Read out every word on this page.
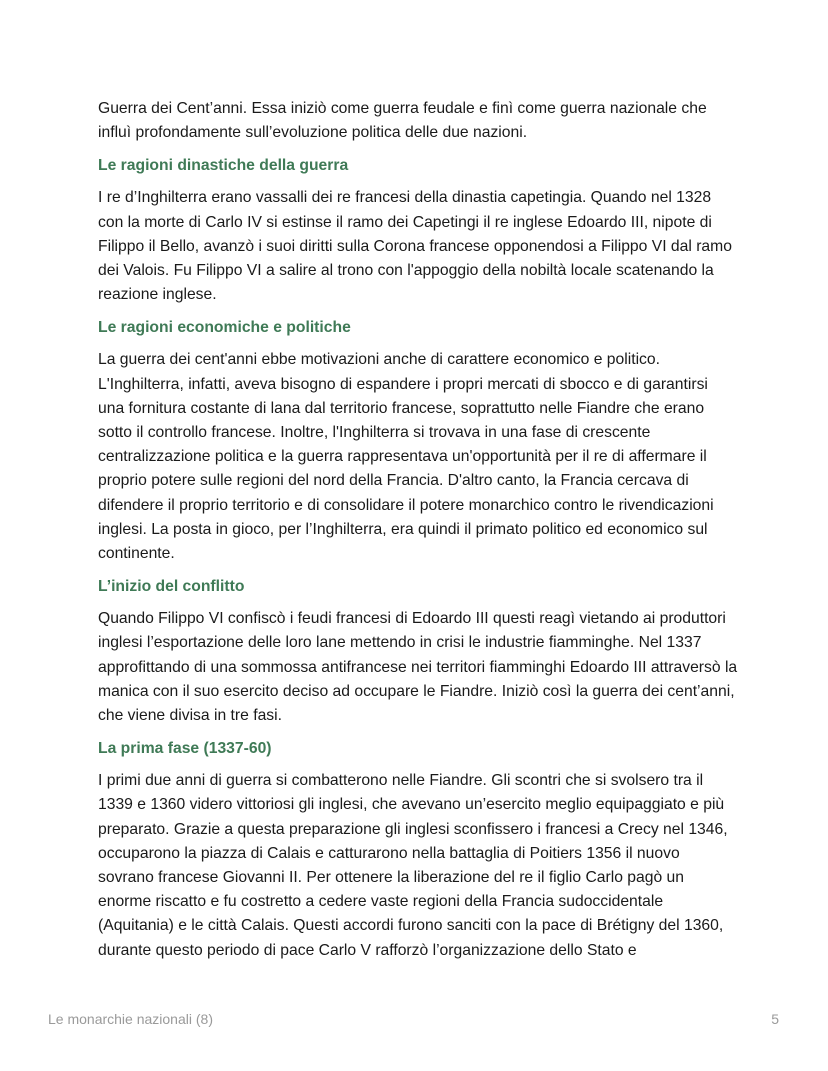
Guerra dei Cent’anni. Essa iniziò come guerra feudale e finì come guerra nazionale che influì profondamente sull’evoluzione politica delle due nazioni.

Le ragioni dinastiche della guerra

I re d’Inghilterra erano vassalli dei re francesi della dinastia capetingia. Quando nel 1328 con la morte di Carlo IV si estinse il ramo dei Capetingi il re inglese Edoardo III, nipote di Filippo il Bello, avanzò i suoi diritti sulla Corona francese opponendosi a Filippo VI dal ramo dei Valois. Fu Filippo VI a salire al trono con l'appoggio della nobiltà locale scatenando la reazione inglese.

Le ragioni economiche e politiche

La guerra dei cent'anni ebbe motivazioni anche di carattere economico e politico. L'Inghilterra, infatti, aveva bisogno di espandere i propri mercati di sbocco e di garantirsi una fornitura costante di lana dal territorio francese, soprattutto nelle Fiandre che erano sotto il controllo francese. Inoltre, l'Inghilterra si trovava in una fase di crescente centralizzazione politica e la guerra rappresentava un'opportunità per il re di affermare il proprio potere sulle regioni del nord della Francia. D'altro canto, la Francia cercava di difendere il proprio territorio e di consolidare il potere monarchico contro le rivendicazioni inglesi. La posta in gioco, per l’Inghilterra, era quindi il primato politico ed economico sul continente.

L’inizio del conflitto

Quando Filippo VI confiscò i feudi francesi di Edoardo III questi reagì vietando ai produttori inglesi l’esportazione delle loro lane mettendo in crisi le industrie fiamminghe. Nel 1337 approfittando di una sommossa antifrancese nei territori fiamminghi Edoardo III attraversò la manica con il suo esercito deciso ad occupare le Fiandre. Iniziò così la guerra dei cent’anni, che viene divisa in tre fasi.

La prima fase (1337-60)

I primi due anni di guerra si combatterono nelle Fiandre. Gli scontri che si svolsero tra il 1339 e 1360 videro vittoriosi gli inglesi, che avevano un’esercito meglio equipaggiato e più preparato. Grazie a questa preparazione gli inglesi sconfissero i francesi a Crecy nel 1346, occuparono la piazza di Calais e catturarono nella battaglia di Poitiers 1356 il nuovo sovrano francese Giovanni II. Per ottenere la liberazione del re il figlio Carlo pagò un enorme riscatto e fu costretto a cedere vaste regioni della Francia sudoccidentale (Aquitania) e le città Calais. Questi accordi furono sanciti con la pace di Brétigny del 1360, durante questo periodo di pace Carlo V rafforzò l’organizzazione dello Stato e

Le monarchie nazionali (8)	5
